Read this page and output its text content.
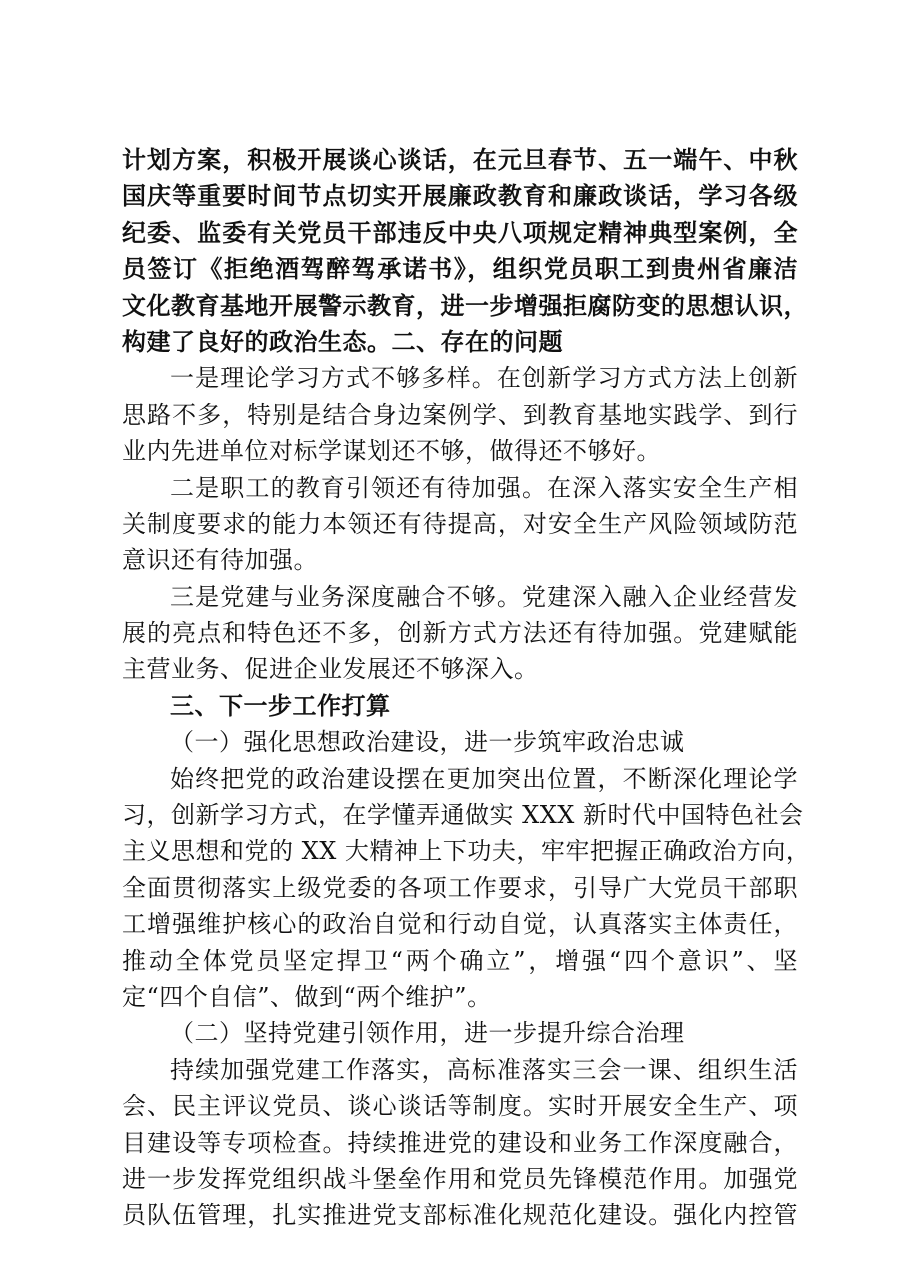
计划方案，积极开展谈心谈话，在元旦春节、五一端午、中秋
国庆等重要时间节点切实开展廉政教育和廉政谈话，学习各级
纪委、监委有关党员干部违反中央八项规定精神典型案例，全
员签订《拒绝酒驾醉驾承诺书》，组织党员职工到贵州省廉洁
文化教育基地开展警示教育，进一步增强拒腐防变的思想认识，
构建了良好的政治生态。二、存在的问题
一是理论学习方式不够多样。在创新学习方式方法上创新
思路不多，特别是结合身边案例学、到教育基地实践学、到行
业内先进单位对标学谋划还不够，做得还不够好。
二是职工的教育引领还有待加强。在深入落实安全生产相
关制度要求的能力本领还有待提高，对安全生产风险领域防范
意识还有待加强。
三是党建与业务深度融合不够。党建深入融入企业经营发
展的亮点和特色还不多，创新方式方法还有待加强。党建赋能
主营业务、促进企业发展还不够深入。
三、下一步工作打算
（一）强化思想政治建设，进一步筑牢政治忠诚
始终把党的政治建设摆在更加突出位置，不断深化理论学
习，创新学习方式，在学懂弄通做实 XXX 新时代中国特色社会
主义思想和党的 XX 大精神上下功夫，牢牢把握正确政治方向，
全面贯彻落实上级党委的各项工作要求，引导广大党员干部职
工增强维护核心的政治自觉和行动自觉，认真落实主体责任，
推动全体党员坚定捍卫“两个确立”，增强“四个意识”、坚
定“四个自信”、做到“两个维护”。
（二）坚持党建引领作用，进一步提升综合治理
持续加强党建工作落实，高标准落实三会一课、组织生活
会、民主评议党员、谈心谈话等制度。实时开展安全生产、项
目建设等专项检查。持续推进党的建设和业务工作深度融合，
进一步发挥党组织战斗堡垒作用和党员先锋模范作用。加强党
员队伍管理，扎实推进党支部标准化规范化建设。强化内控管
